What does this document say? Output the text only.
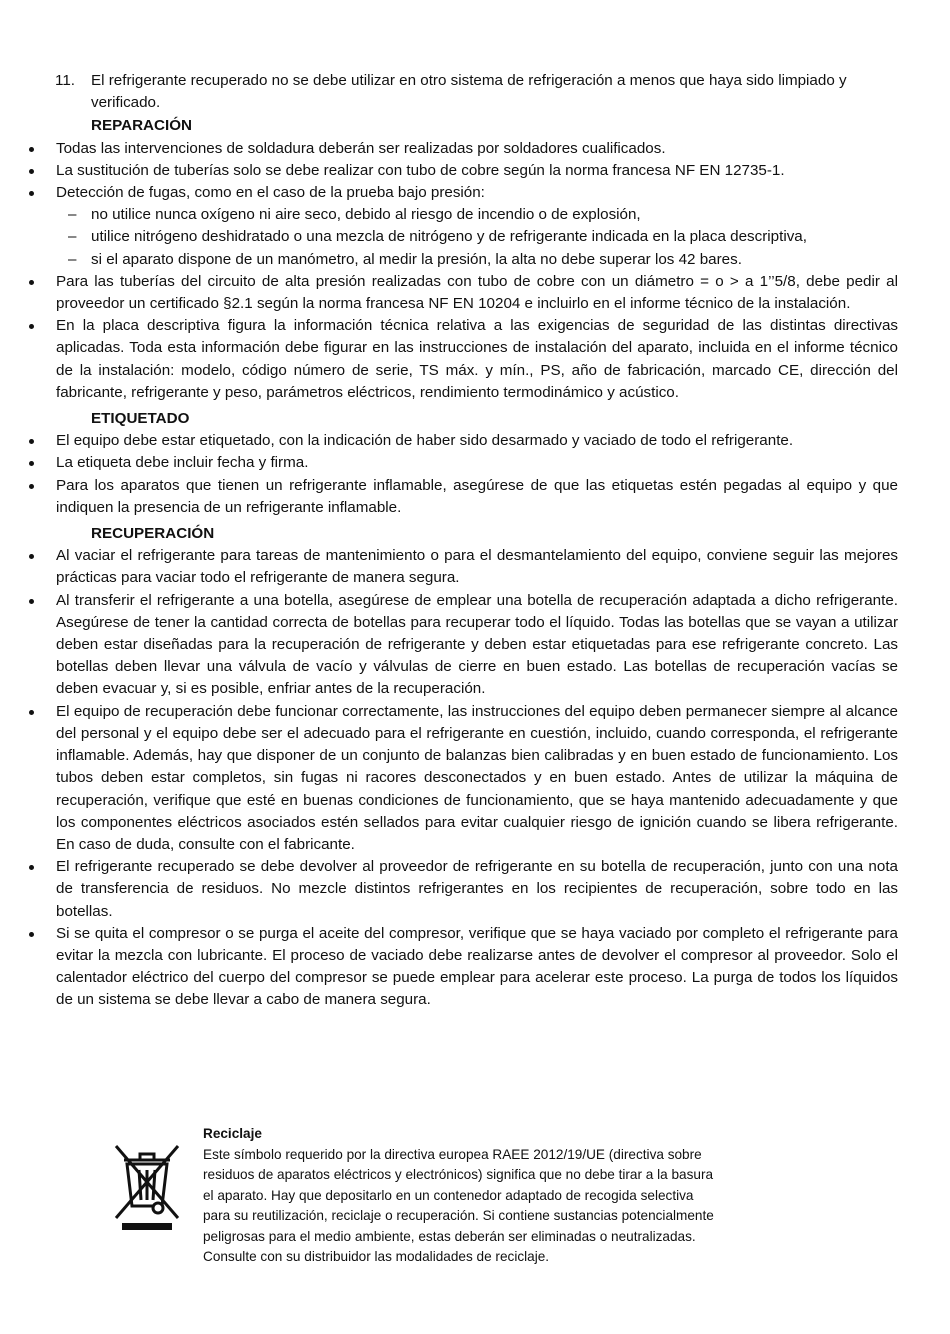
11. El refrigerante recuperado no se debe utilizar en otro sistema de refrigeración a menos que haya sido limpiado y verificado.
REPARACIÓN
Todas las intervenciones de soldadura deberán ser realizadas por soldadores cualificados.
La sustitución de tuberías solo se debe realizar con tubo de cobre según la norma francesa NF EN 12735-1.
Detección de fugas, como en el caso de la prueba bajo presión:
– no utilice nunca oxígeno ni aire seco, debido al riesgo de incendio o de explosión,
– utilice nitrógeno deshidratado o una mezcla de nitrógeno y de refrigerante indicada en la placa descriptiva,
– si el aparato dispone de un manómetro, al medir la presión, la alta no debe superar los 42 bares.
Para las tuberías del circuito de alta presión realizadas con tubo de cobre con un diámetro = o > a 1’’5/8, debe pedir al proveedor un certificado §2.1 según la norma francesa NF EN 10204 e incluirlo en el informe técnico de la instalación.
En la placa descriptiva figura la información técnica relativa a las exigencias de seguridad de las distintas directivas aplicadas. Toda esta información debe figurar en las instrucciones de instalación del aparato, incluida en el informe técnico de la instalación: modelo, código número de serie, TS máx. y mín., PS, año de fabricación, marcado CE, dirección del fabricante, refrigerante y peso, parámetros eléctricos, rendimiento termodinámico y acústico.
ETIQUETADO
El equipo debe estar etiquetado, con la indicación de haber sido desarmado y vaciado de todo el refrigerante.
La etiqueta debe incluir fecha y firma.
Para los aparatos que tienen un refrigerante inflamable, asegúrese de que las etiquetas estén pegadas al equipo y que indiquen la presencia de un refrigerante inflamable.
RECUPERACIÓN
Al vaciar el refrigerante para tareas de mantenimiento o para el desmantelamiento del equipo, conviene seguir las mejores prácticas para vaciar todo el refrigerante de manera segura.
Al transferir el refrigerante a una botella, asegúrese de emplear una botella de recuperación adaptada a dicho refrigerante. Asegúrese de tener la cantidad correcta de botellas para recuperar todo el líquido. Todas las botellas que se vayan a utilizar deben estar diseñadas para la recuperación de refrigerante y deben estar etiquetadas para ese refrigerante concreto. Las botellas deben llevar una válvula de vacío y válvulas de cierre en buen estado. Las botellas de recuperación vacías se deben evacuar y, si es posible, enfriar antes de la recuperación.
El equipo de recuperación debe funcionar correctamente, las instrucciones del equipo deben permanecer siempre al alcance del personal y el equipo debe ser el adecuado para el refrigerante en cuestión, incluido, cuando corresponda, el refrigerante inflamable. Además, hay que disponer de un conjunto de balanzas bien calibradas y en buen estado de funcionamiento. Los tubos deben estar completos, sin fugas ni racores desconectados y en buen estado. Antes de utilizar la máquina de recuperación, verifique que esté en buenas condiciones de funcionamiento, que se haya mantenido adecuadamente y que los componentes eléctricos asociados estén sellados para evitar cualquier riesgo de ignición cuando se libera refrigerante. En caso de duda, consulte con el fabricante.
El refrigerante recuperado se debe devolver al proveedor de refrigerante en su botella de recuperación, junto con una nota de transferencia de residuos. No mezcle distintos refrigerantes en los recipientes de recuperación, sobre todo en las botellas.
Si se quita el compresor o se purga el aceite del compresor, verifique que se haya vaciado por completo el refrigerante para evitar la mezcla con lubricante. El proceso de vaciado debe realizarse antes de devolver el compresor al proveedor. Solo el calentador eléctrico del cuerpo del compresor se puede emplear para acelerar este proceso. La purga de todos los líquidos de un sistema se debe llevar a cabo de manera segura.
Reciclaje
Este símbolo requerido por la directiva europea RAEE 2012/19/UE (directiva sobre
residuos de aparatos eléctricos y electrónicos) significa que no debe tirar a la basura
el aparato. Hay que depositarlo en un contenedor adaptado de recogida selectiva
para su reutilización, reciclaje o recuperación. Si contiene sustancias potencialmente
peligrosas para el medio ambiente, estas deberán ser eliminadas o neutralizadas.
Consulte con su distribuidor las modalidades de reciclaje.
